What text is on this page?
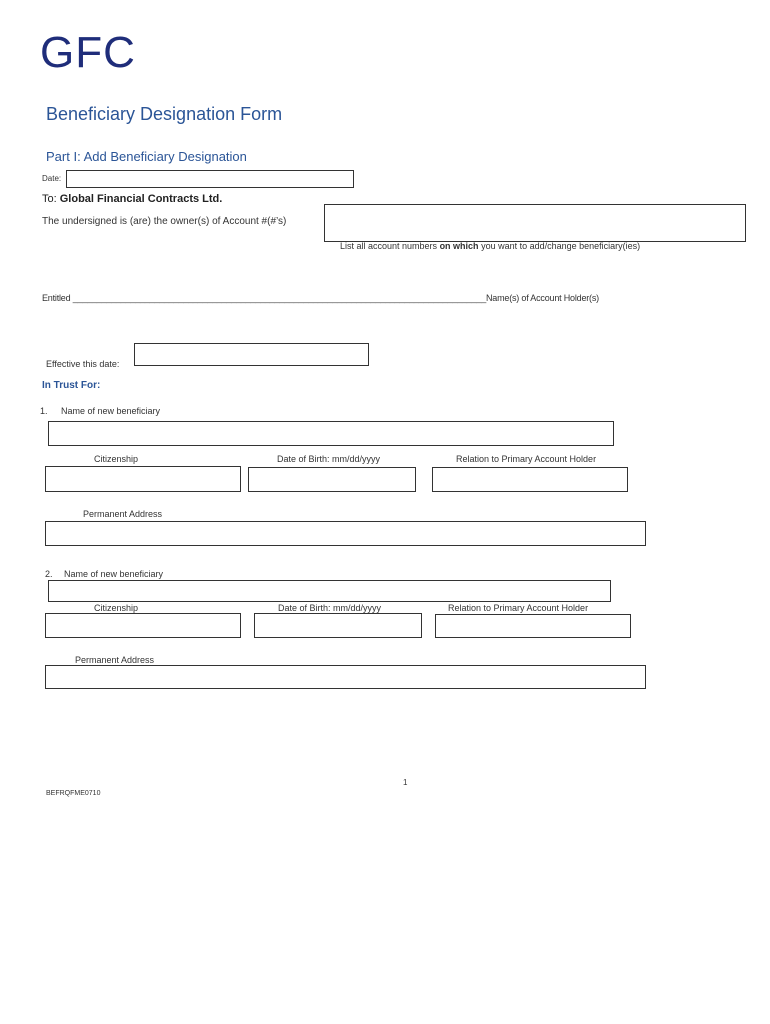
GFC
Beneficiary Designation Form
Part I: Add Beneficiary Designation
Date:
To: Global Financial Contracts Ltd.
The undersigned is (are) the owner(s) of Account #(#’s)
List all account numbers on which you want to add/change beneficiary(ies)
Entitled ______________________________________________________________________________________Name(s) of Account Holder(s)
Effective this date:
In Trust For:
1. Name of new beneficiary
Citizenship	Date of Birth: mm/dd/yyyy	Relation to Primary Account Holder
Permanent Address
2. Name of new beneficiary
Citizenship	Date of Birth: mm/dd/yyyy	Relation to Primary Account Holder
Permanent Address
1
BEFRQFME0710
